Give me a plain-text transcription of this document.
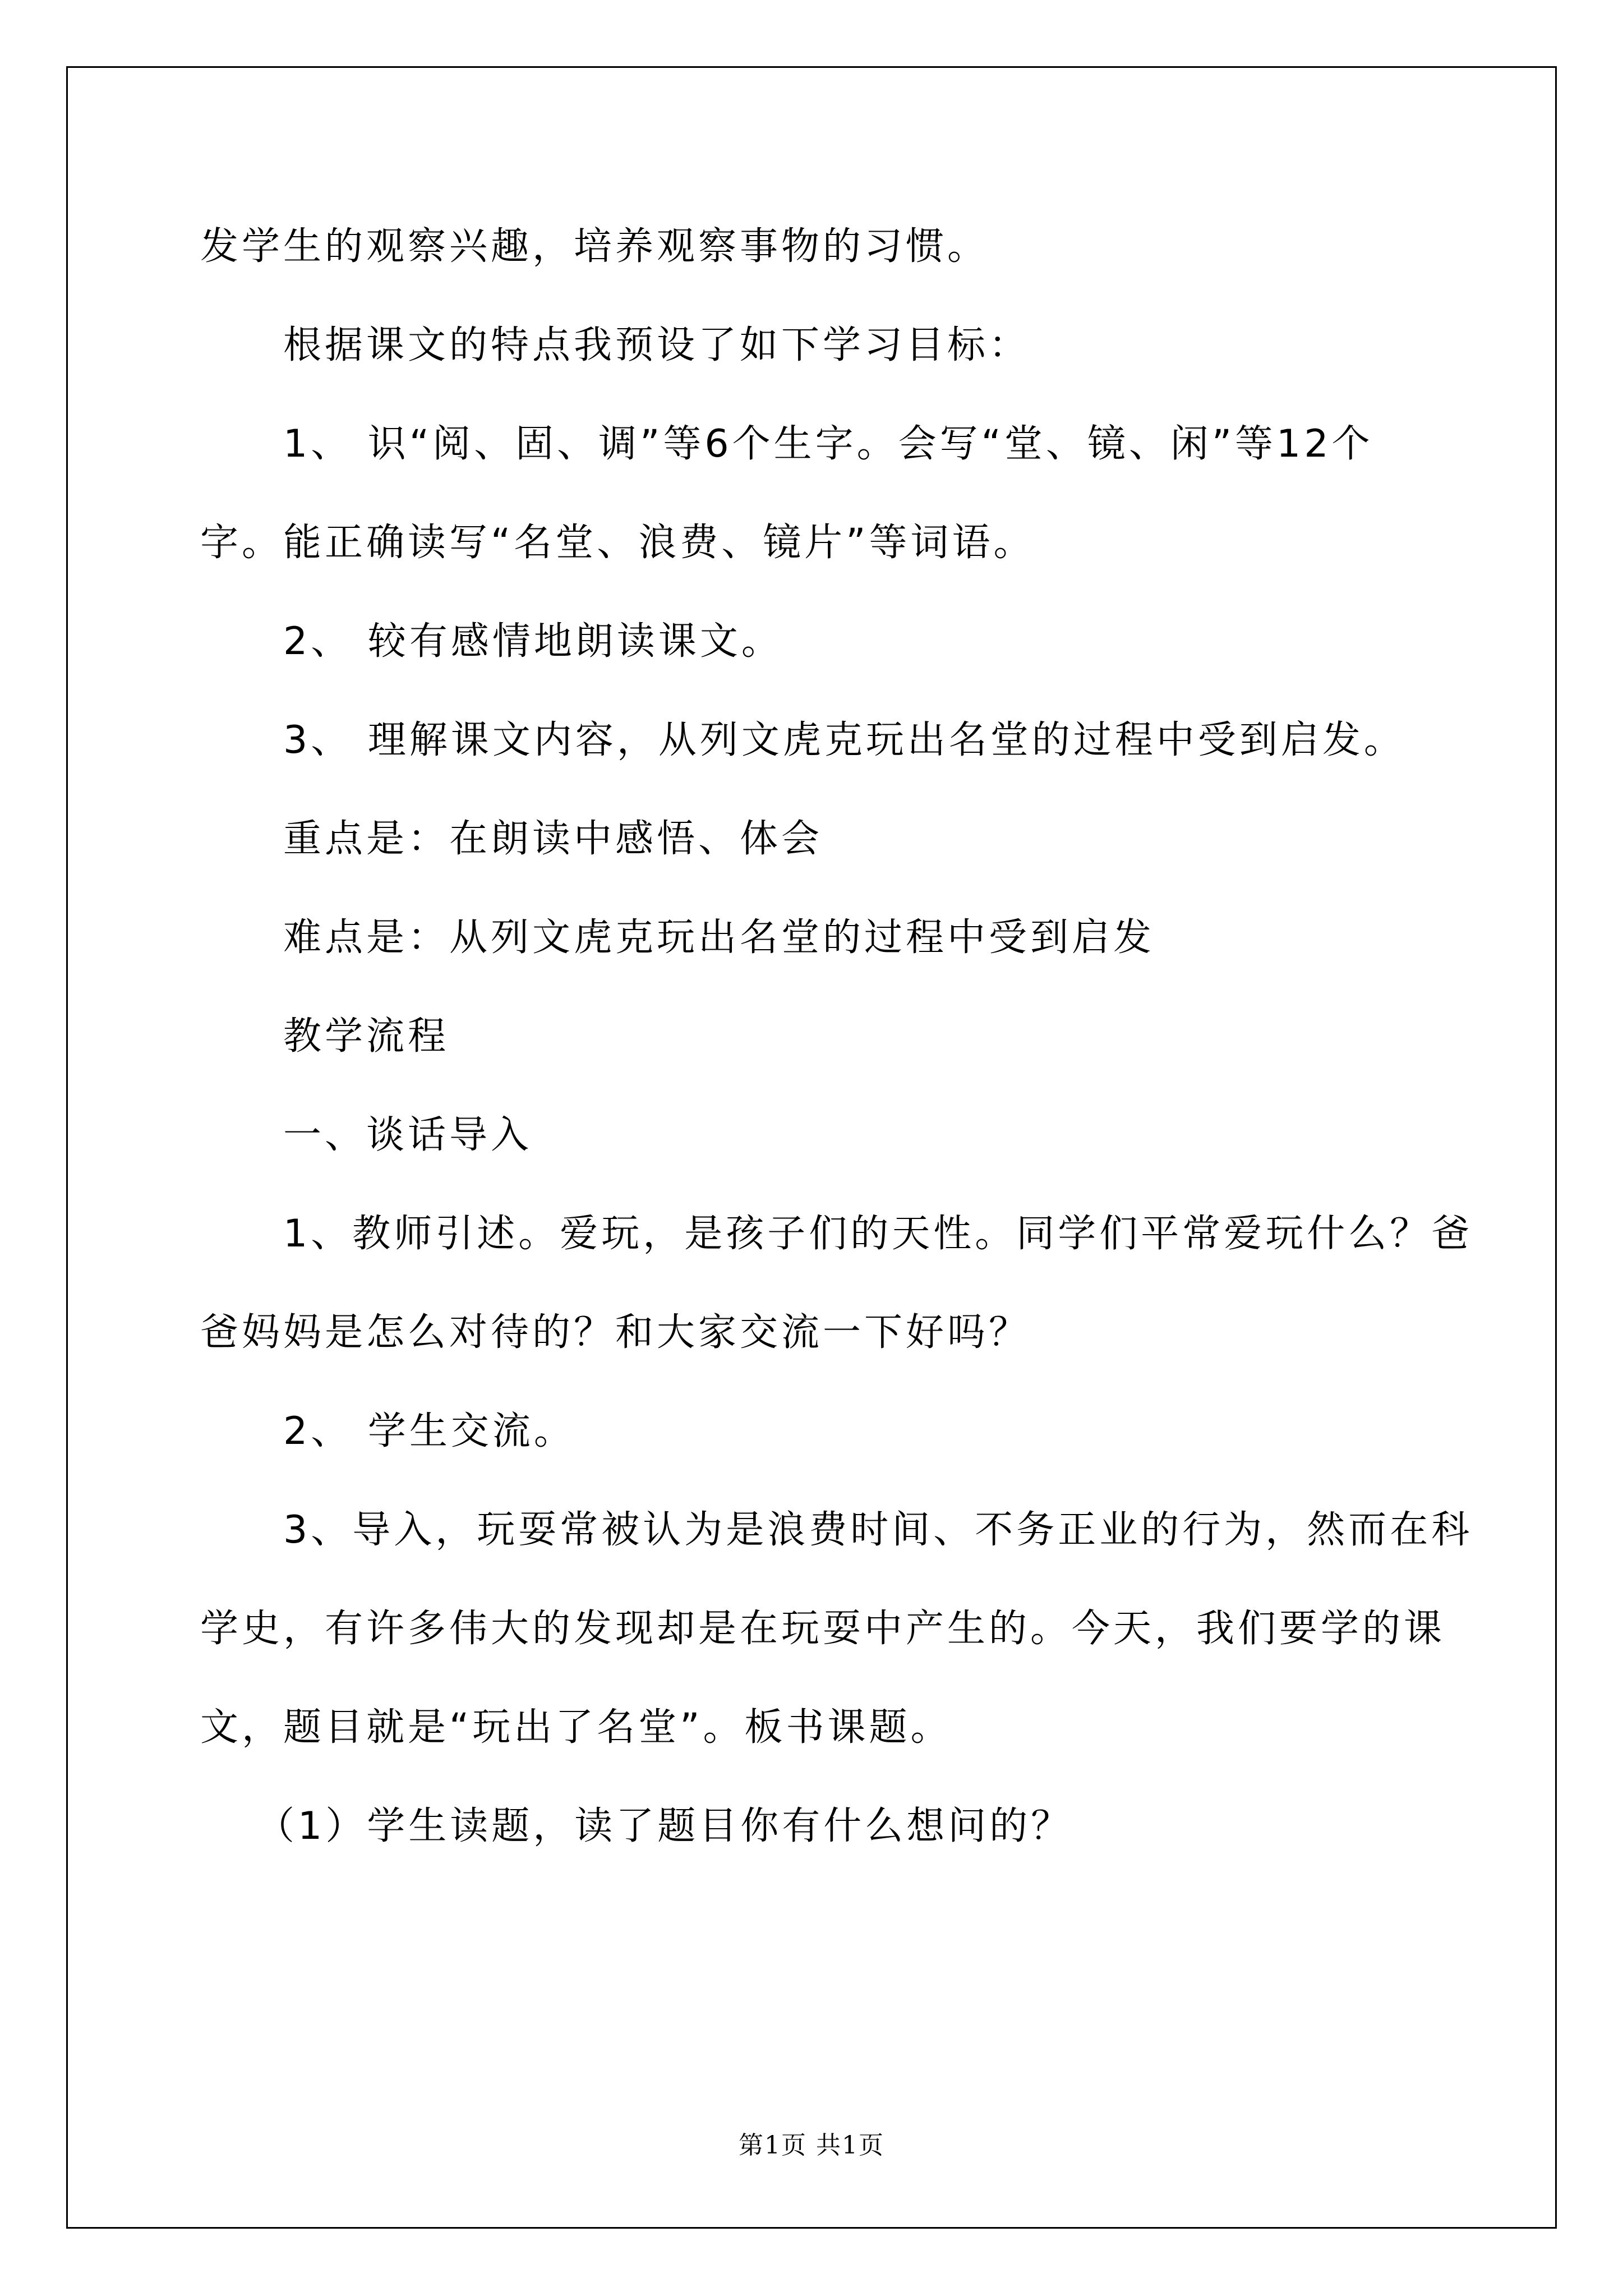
发学生的观察兴趣，培养观察事物的习惯。
根据课文的特点我预设了如下学习目标：
1、 识“阅、固、调”等6个生字。会写“堂、镜、闲”等12个
字。能正确读写“名堂、浪费、镜片”等词语。
2、 较有感情地朗读课文。
3、 理解课文内容，从列文虎克玩出名堂的过程中受到启发。
重点是：在朗读中感悟、体会
难点是：从列文虎克玩出名堂的过程中受到启发
教学流程
一、谈话导入
1、教师引述。爱玩，是孩子们的天性。同学们平常爱玩什么？爸
爸妈妈是怎么对待的？和大家交流一下好吗？
2、 学生交流。
3、导入，玩耍常被认为是浪费时间、不务正业的行为，然而在科
学史，有许多伟大的发现却是在玩耍中产生的。今天，我们要学的课
文，题目就是“玩出了名堂”。板书课题。
（1）学生读题，读了题目你有什么想问的？
第1页 共1页
